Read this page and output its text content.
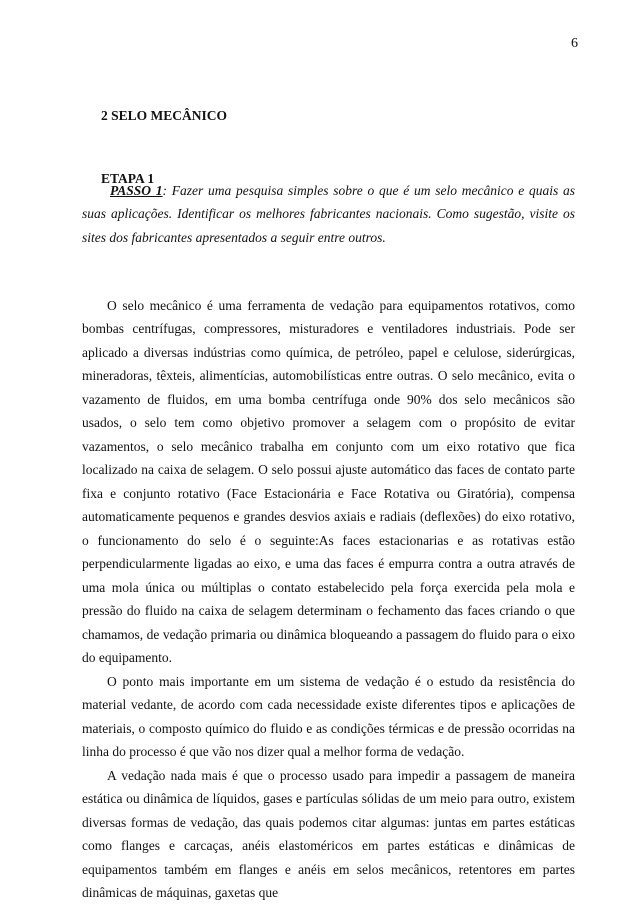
6
2 SELO MECÂNICO
ETAPA 1

PASSO 1: Fazer uma pesquisa simples sobre o que é um selo mecânico e quais as suas aplicações. Identificar os melhores fabricantes nacionais. Como sugestão, visite os sites dos fabricantes apresentados a seguir entre outros.

O selo mecânico é uma ferramenta de vedação para equipamentos rotativos, como bombas centrífugas, compressores, misturadores e ventiladores industriais. Pode ser aplicado a diversas indústrias como química, de petróleo, papel e celulose, siderúrgicas, mineradoras, têxteis, alimentícias, automobilísticas entre outras. O selo mecânico, evita o vazamento de fluidos, em uma bomba centrífuga onde 90% dos selo mecânicos são usados, o selo tem como objetivo promover a selagem com o propósito de evitar vazamentos, o selo mecânico trabalha em conjunto com um eixo rotativo que fica localizado na caixa de selagem. O selo possui ajuste automático das faces de contato parte fixa e conjunto rotativo (Face Estacionária e Face Rotativa ou Giratória), compensa automaticamente pequenos e grandes desvios axiais e radiais (deflexões) do eixo rotativo, o funcionamento do selo é o seguinte:As faces estacionarias e as rotativas estão perpendicularmente ligadas ao eixo, e uma das faces é empurra contra a outra através de uma mola única ou múltiplas o contato estabelecido pela força exercida pela mola e pressão do fluido na caixa de selagem determinam o fechamento das faces criando o que chamamos, de vedação primaria ou dinâmica bloqueando a passagem do fluido para o eixo do equipamento.

O ponto mais importante em um sistema de vedação é o estudo da resistência do material vedante, de acordo com cada necessidade existe diferentes tipos e aplicações de materiais, o composto químico do fluido e as condições térmicas e de pressão ocorridas na linha do processo é que vão nos dizer qual a melhor forma de vedação.

A vedação nada mais é que o processo usado para impedir a passagem de maneira estática ou dinâmica de líquidos, gases e partículas sólidas de um meio para outro, existem diversas formas de vedação, das quais podemos citar algumas: juntas em partes estáticas como flanges e carcaças, anéis elastoméricos em partes estáticas e dinâmicas de equipamentos também em flanges e anéis em selos mecânicos, retentores em partes dinâmicas de máquinas, gaxetas que
